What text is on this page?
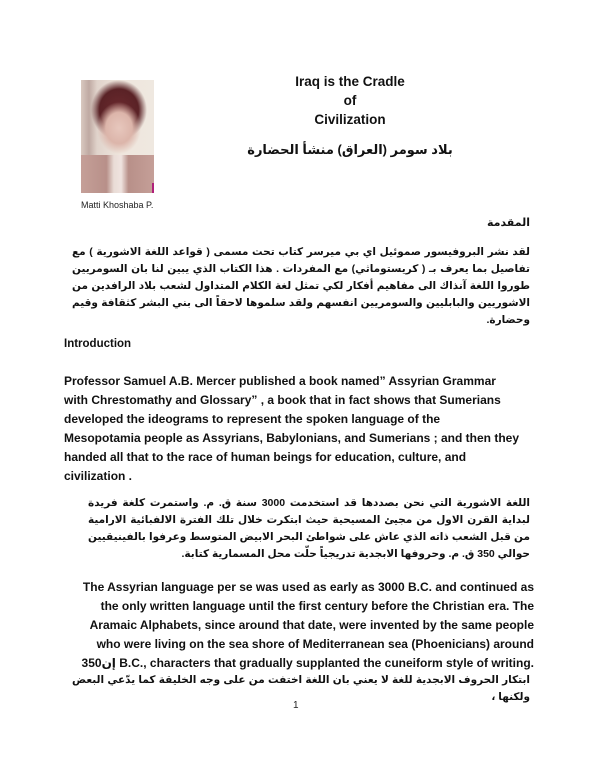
Matti Khoshaba P.
Iraq is the Cradle
of
Civilization
بلاد سومر (العراق) منشأ الحضارة
المقدمة
لقد نشر البروفيسور صموئيل اي بي ميرسر كتاب تحت مسمى ( قواعد اللغة الاشورية ) مع تفاصيل بما يعرف بـ ( كريستوماثي) مع المفردات . هذا الكتاب الذي يبين لنا بان السومريين طوروا اللغة آنذاك الى مفاهيم أفكار لكي تمثل لغة الكلام المتداول لشعب بلاد الرافدين من الاشوريين والبابليين والسومريين انفسهم ولقد سلموها لاحقاً الى بني البشر كثقافة وقيم وحضارة.
Introduction
Professor Samuel A.B. Mercer published a book named” Assyrian Grammar
with Chrestomathy and Glossary” , a book that in fact shows that Sumerians
developed the ideograms to represent the spoken language of the
Mesopotamia people as Assyrians, Babylonians, and Sumerians ; and then they
handed all that to the race of human beings for education, culture, and
civilization .
اللغة الاشورية التي نحن بصددها قد استخدمت 3000 سنة ق. م. واستمرت كلغة فريدة لبداية القرن الاول من مجيئ المسيحية حيث ابتكرت خلال تلك الفترة الالفبائية الارامية من قبل الشعب ذاته الذي عاش على شواطئ البحر الابيض المتوسط وعرفوا بالفينيقيين حوالي 350 ق. م. وحروفها الابجدية تدريجياً حلّت محل المسمارية كتابة.
The Assyrian language per se was used as early as 3000 B.C. and continued as
the only written language until the first century before the Christian era. The
Aramaic Alphabets, since around that date, were invented by the same people
who were living on the sea shore of Mediterranean sea (Phoenicians) around
إن350 B.C., characters that gradually supplanted the cuneiform style of writing.
ابتكار الحروف الابجدية للغة لا يعني بان اللغة اختفت من على وجه الخليقة كما يدّعي البعض ولكنها ،
1
